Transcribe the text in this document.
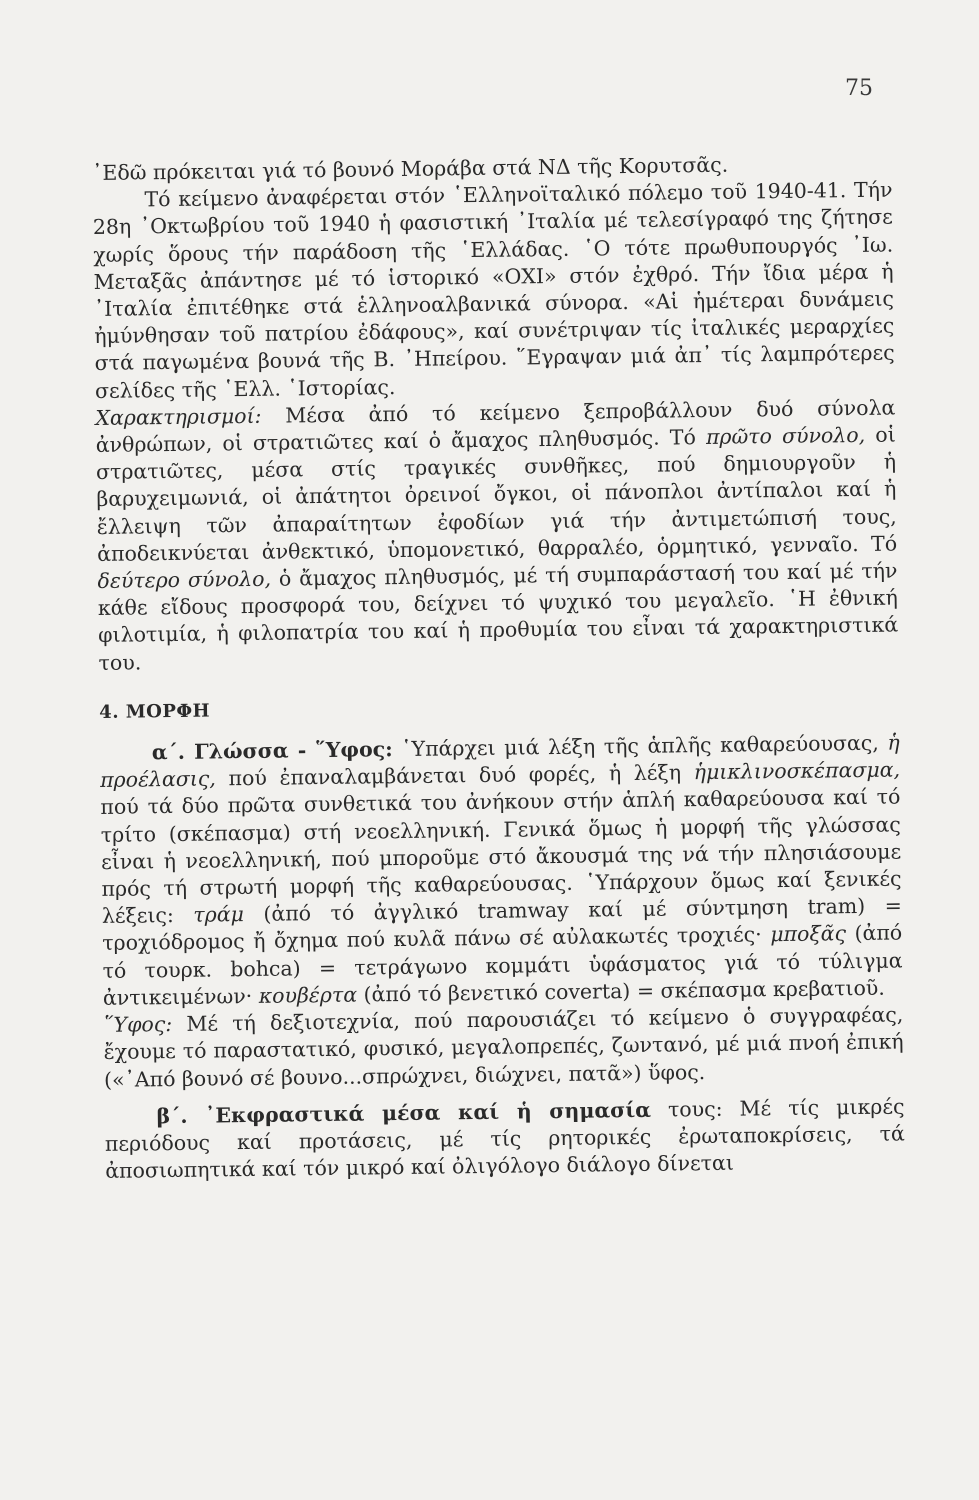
75

᾿Εδῶ πρόκειται γιά τό βουνό Μοράβα στά ΝΔ τῆς Κορυτσᾶς.

Τό κείμενο ἀναφέρεται στόν ῾Ελληνοϊταλικό πόλεμο τοῦ 1940-41. Τήν 28η ᾿Οκτωβρίου τοῦ 1940 ἡ φασιστική ᾿Ιταλία μέ τελεσίγραφό της ζήτησε χωρίς ὅρους τήν παράδοση τῆς ῾Ελλάδας. ῾Ο τότε πρωθυπουργός ᾿Ιω. Μεταξᾶς ἀπάντησε μέ τό ἱστορικό «ΟΧΙ» στόν ἐχθρό. Τήν ἴδια μέρα ἡ ᾿Ιταλία ἐπιτέθηκε στά ἑλληνοαλβανικά σύνορα. «Αἱ ἡμέτεραι δυνάμεις ἠμύνθησαν τοῦ πατρίου ἐδάφους», καί συνέτριψαν τίς ἰταλικές μεραρχίες στά παγωμένα βουνά τῆς Β. ᾿Ηπείρου. ῞Εγραψαν μιά ἀπ᾿ τίς λαμπρότερες σελίδες τῆς ῾Ελλ. ῾Ιστορίας.

Χαρακτηρισμοί: Μέσα ἀπό τό κείμενο ξεπροβάλλουν δυό σύνολα ἀνθρώπων, οἱ στρατιῶτες καί ὁ ἄμαχος πληθυσμός. Τό πρῶτο σύνολο, οἱ στρατιῶτες, μέσα στίς τραγικές συνθῆκες, πού δημιουργοῦν ἡ βαρυχειμωνιά, οἱ ἀπάτητοι ὀρεινοί ὄγκοι, οἱ πάνοπλοι ἀντίπαλοι καί ἡ ἔλλειψη τῶν ἀπαραίτητων ἐφοδίων γιά τήν ἀντιμετώπισή τους, ἀποδεικνύεται ἀνθεκτικό, ὑπομονετικό, θαρραλέο, ὁρμητικό, γενναῖο. Τό δεύτερο σύνολο, ὁ ἄμαχος πληθυσμός, μέ τή συμπαράστασή του καί μέ τήν κάθε εἴδους προσφορά του, δείχνει τό ψυχικό του μεγαλεῖο. ῾Η ἐθνική φιλοτιμία, ἡ φιλοπατρία του καί ἡ προθυμία του εἶναι τά χαρακτηριστικά του.

4. ΜΟΡΦΗ

α΄. Γλώσσα - ῞Υφος: ῾Υπάρχει μιά λέξη τῆς ἁπλῆς καθαρεύουσας, ἡ προέλασις, πού ἐπαναλαμβάνεται δυό φορές, ἡ λέξη ἡμικλινοσκέπασμα, πού τά δύο πρῶτα συνθετικά του ἀνήκουν στήν ἁπλή καθαρεύουσα καί τό τρίτο (σκέπασμα) στή νεοελληνική. Γενικά ὅμως ἡ μορφή τῆς γλώσσας εἶναι ἡ νεοελληνική, πού μποροῦμε στό ἄκουσμά της νά τήν πλησιάσουμε πρός τή στρωτή μορφή τῆς καθαρεύουσας. ῾Υπάρχουν ὅμως καί ξενικές λέξεις: τράμ (ἀπό τό ἀγγλικό tramway καί μέ σύντμηση tram) = τροχιόδρομος ἤ ὄχημα πού κυλᾶ πάνω σέ αὐλακωτές τροχιές· μποξᾶς (ἀπό τό τουρκ. bohca) = τετράγωνο κομμάτι ὑφάσματος γιά τό τύλιγμα ἀντικειμένων· κουβέρτα (ἀπό τό βενετικό coverta) = σκέπασμα κρεβατιοῦ.

῞Υφος: Μέ τή δεξιοτεχνία, πού παρουσιάζει τό κείμενο ὁ συγγραφέας, ἔχουμε τό παραστατικό, φυσικό, μεγαλοπρεπές, ζωντανό, μέ μιά πνοή ἐπική («᾿Από βουνό σέ βουνο...σπρώχνει, διώχνει, πατᾶ») ὕφος.

β΄. ᾿Εκφραστικά μέσα καί ἡ σημασία τους: Μέ τίς μικρές περιόδους καί προτάσεις, μέ τίς ρητορικές ἐρωταποκρίσεις, τά ἀποσιωπητικά καί τόν μικρό καί ὀλιγόλογο διάλογο δίνεται
